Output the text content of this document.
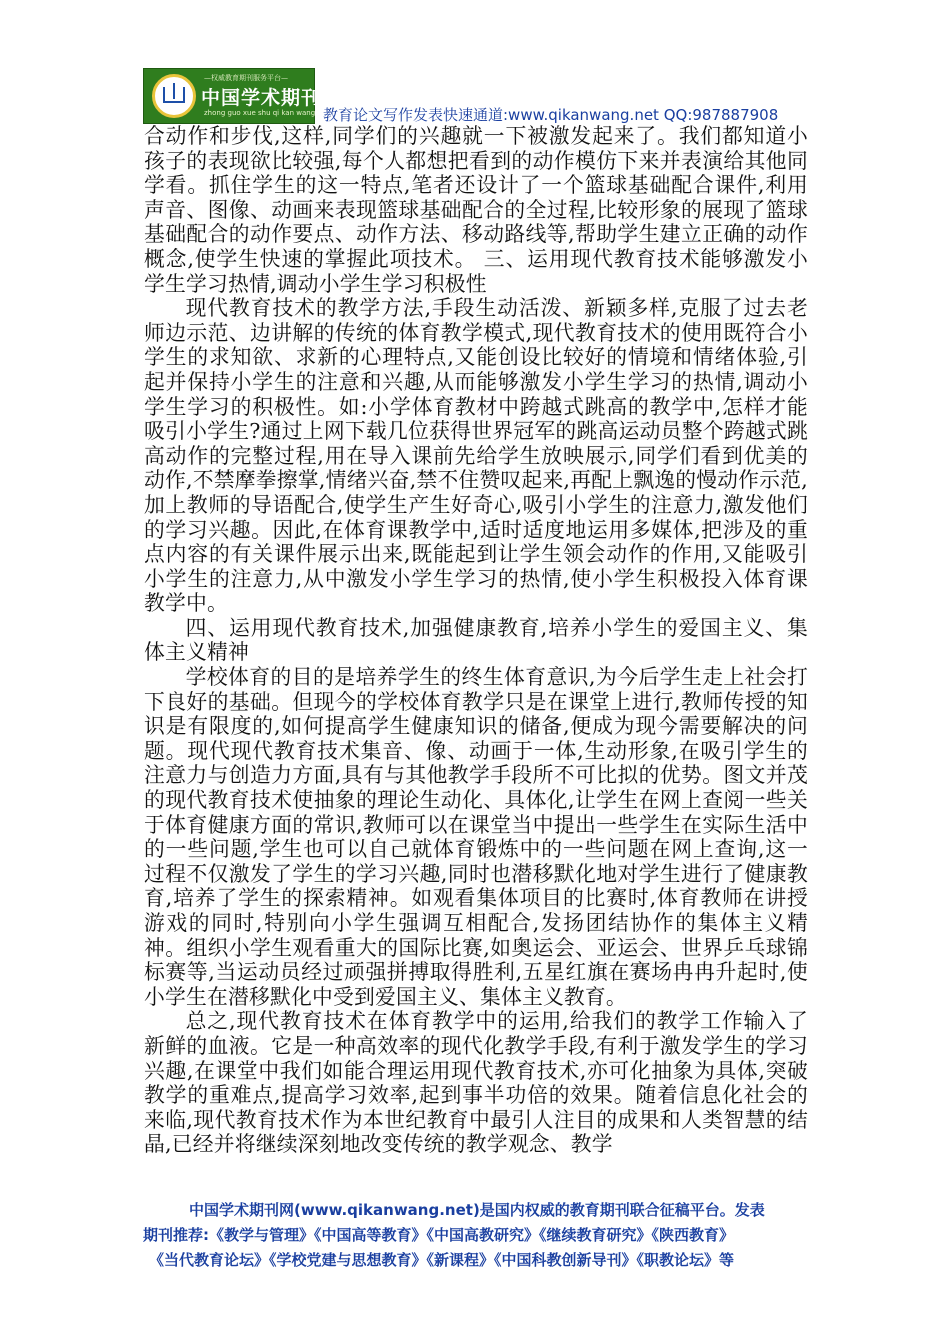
—权威教育期刊服务平台—
中国学术期刊网
zhong guo xue shu qi kan wang 教育论文写作发表快速通道:www.qikanwang.net QQ:987887908

合动作和步伐,这样,同学们的兴趣就一下被激发起来了。我们都知道小孩子的表现欲比较强,每个人都想把看到的动作模仿下来并表演给其他同学看。抓住学生的这一特点,笔者还设计了一个篮球基础配合课件,利用声音、图像、动画来表现篮球基础配合的全过程,比较形象的展现了篮球基础配合的动作要点、动作方法、移动路线等,帮助学生建立正确的动作概念,使学生快速的掌握此项技术。 三、运用现代教育技术能够激发小学生学习热情,调动小学生学习积极性

现代教育技术的教学方法,手段生动活泼、新颖多样,克服了过去老师边示范、边讲解的传统的体育教学模式,现代教育技术的使用既符合小学生的求知欲、求新的心理特点,又能创设比较好的情境和情绪体验,引起并保持小学生的注意和兴趣,从而能够激发小学生学习的热情,调动小学生学习的积极性。如:小学体育教材中跨越式跳高的教学中,怎样才能吸引小学生?通过上网下载几位获得世界冠军的跳高运动员整个跨越式跳高动作的完整过程,用在导入课前先给学生放映展示,同学们看到优美的动作,不禁摩拳擦掌,情绪兴奋,禁不住赞叹起来,再配上飘逸的慢动作示范,加上教师的导语配合,使学生产生好奇心,吸引小学生的注意力,激发他们的学习兴趣。因此,在体育课教学中,适时适度地运用多媒体,把涉及的重点内容的有关课件展示出来,既能起到让学生领会动作的作用,又能吸引小学生的注意力,从中激发小学生学习的热情,使小学生积极投入体育课教学中。

四、运用现代教育技术,加强健康教育,培养小学生的爱国主义、集体主义精神

学校体育的目的是培养学生的终生体育意识,为今后学生走上社会打下良好的基础。但现今的学校体育教学只是在课堂上进行,教师传授的知识是有限度的,如何提高学生健康知识的储备,便成为现今需要解决的问题。现代现代教育技术集音、像、动画于一体,生动形象,在吸引学生的注意力与创造力方面,具有与其他教学手段所不可比拟的优势。图文并茂的现代教育技术使抽象的理论生动化、具体化,让学生在网上查阅一些关于体育健康方面的常识,教师可以在课堂当中提出一些学生在实际生活中的一些问题,学生也可以自己就体育锻炼中的一些问题在网上查询,这一过程不仅激发了学生的学习兴趣,同时也潜移默化地对学生进行了健康教育,培养了学生的探索精神。如观看集体项目的比赛时,体育教师在讲授游戏的同时,特别向小学生强调互相配合,发扬团结协作的集体主义精神。组织小学生观看重大的国际比赛,如奥运会、亚运会、世界乒乓球锦标赛等,当运动员经过顽强拼搏取得胜利,五星红旗在赛场冉冉升起时,使小学生在潜移默化中受到爱国主义、集体主义教育。

总之,现代教育技术在体育教学中的运用,给我们的教学工作输入了新鲜的血液。它是一种高效率的现代化教学手段,有利于激发学生的学习兴趣,在课堂中我们如能合理运用现代教育技术,亦可化抽象为具体,突破教学的重难点,提高学习效率,起到事半功倍的效果。随着信息化社会的来临,现代教育技术作为本世纪教育中最引人注目的成果和人类智慧的结晶,已经并将继续深刻地改变传统的教学观念、教学

中国学术期刊网(www.qikanwang.net)是国内权威的教育期刊联合征稿平台。发表
期刊推荐:《教学与管理》《中国高等教育》《中国高教研究》《继续教育研究》《陕西教育》
《当代教育论坛》《学校党建与思想教育》《新课程》《中国科教创新导刊》《职教论坛》等
